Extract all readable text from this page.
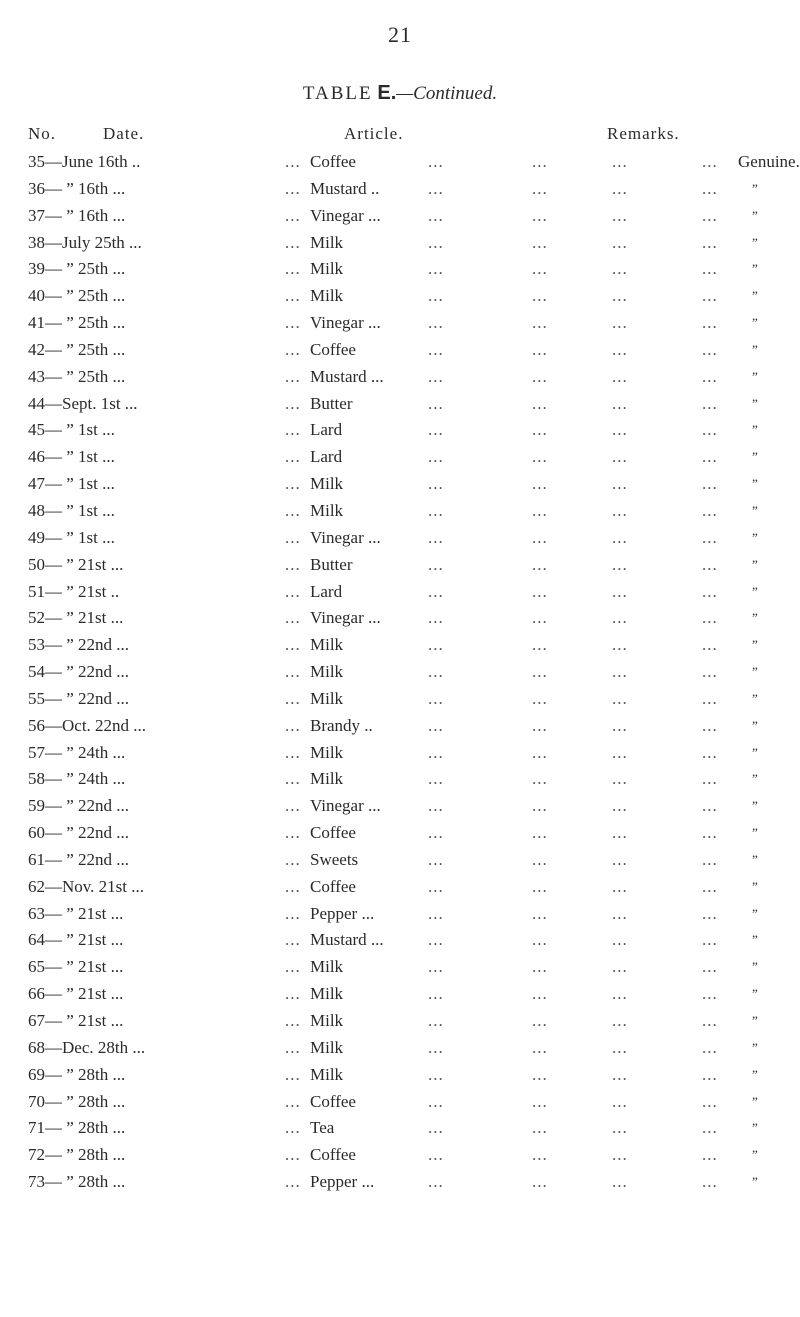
21
TABLE E.—Continued.
No.	Date.	Article.	Remarks.
35—June 16th ..	... Coffee	...	...	...	... Genuine.
36— ” 16th ...	... Mustard ..	...	...	...	...	”
37— ” 16th ...	... Vinegar ...	...	...	...	...	”
38—July 25th ...	... Milk	...	...	...	...	”
39— ” 25th ...	... Milk	...	...	...	...	”
40— ” 25th ...	... Milk	...	...	...	...	”
41— ” 25th ...	... Vinegar ...	...	...	...	...	”
42— ” 25th ...	... Coffee	...	...	...	...	”
43— ” 25th ...	... Mustard ...	...	...	...	...	”
44—Sept. 1st ...	... Butter	...	...	...	...	”
45— ” 1st ...	... Lard	...	...	...	...	”
46— ” 1st ...	... Lard	...	...	...	...	”
47— ” 1st ...	... Milk	...	...	...	...	”
48— ” 1st ...	... Milk	...	...	...	...	”
49— ” 1st ...	... Vinegar ...	...	...	...	...	”
50— ” 21st ...	... Butter	...	...	...	...	”
51— ” 21st ..	... Lard	...	...	...	...	”
52— ” 21st ...	... Vinegar ...	...	...	...	...	”
53— ” 22nd ...	... Milk	...	...	...	...	”
54— ” 22nd ...	... Milk	...	...	...	...	”
55— ” 22nd ...	... Milk	...	...	...	...	”
56—Oct. 22nd ...	... Brandy ..	...	...	...	...	”
57— ” 24th ...	... Milk	...	...	...	...	”
58— ” 24th ...	... Milk	...	...	...	...	”
59— ” 22nd ...	... Vinegar ...	...	...	...	...	”
60— ” 22nd ...	... Coffee	...	...	...	...	”
61— ” 22nd ...	... Sweets	...	...	...	...	”
62—Nov. 21st ...	... Coffee	...	...	...	...	”
63— ” 21st ...	... Pepper ...	...	...	...	...	”
64— ” 21st ...	... Mustard ...	...	...	...	...	”
65— ” 21st ...	... Milk	...	...	...	...	”
66— ” 21st ...	... Milk	...	...	...	...	”
67— ” 21st ...	... Milk	...	...	...	...	”
68—Dec. 28th ...	... Milk	...	...	...	...	”
69— ” 28th ...	... Milk	...	...	...	...	”
70— ” 28th ...	... Coffee	...	...	...	...	”
71— ” 28th ...	... Tea	...	...	...	...	”
72— ” 28th ...	... Coffee	...	...	...	...	”
73— ” 28th ...	... Pepper ...	...	...	...	...	”
